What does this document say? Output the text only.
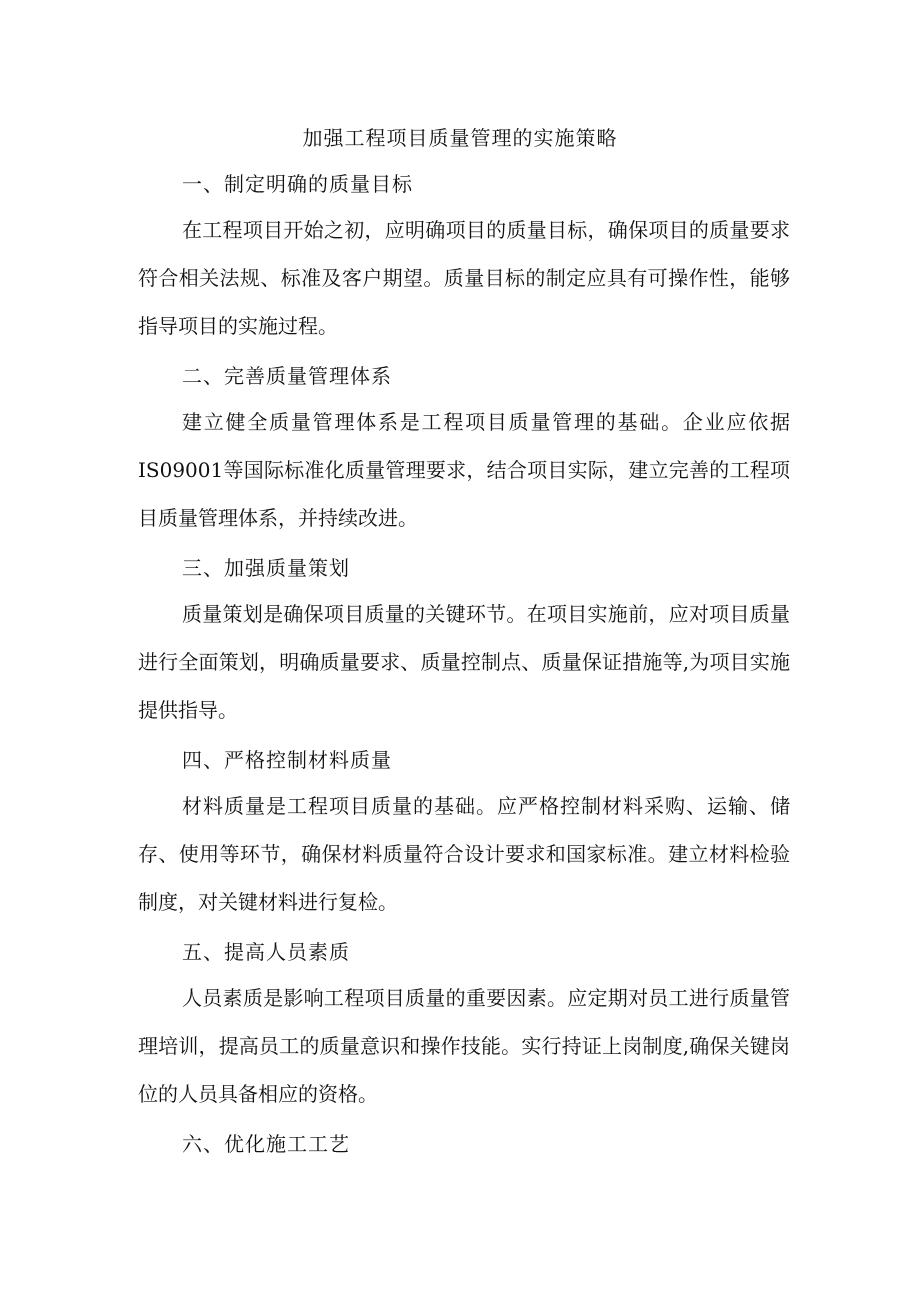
加强工程项目质量管理的实施策略
一、制定明确的质量目标

在工程项目开始之初，应明确项目的质量目标，确保项目的质量要求符合相关法规、标准及客户期望。质量目标的制定应具有可操作性，能够指导项目的实施过程。

二、完善质量管理体系

建立健全质量管理体系是工程项目质量管理的基础。企业应依据IS09001等国际标准化质量管理要求，结合项目实际，建立完善的工程项目质量管理体系，并持续改进。

三、加强质量策划

质量策划是确保项目质量的关键环节。在项目实施前，应对项目质量进行全面策划，明确质量要求、质量控制点、质量保证措施等,为项目实施提供指导。

四、严格控制材料质量

材料质量是工程项目质量的基础。应严格控制材料采购、运输、储存、使用等环节，确保材料质量符合设计要求和国家标准。建立材料检验制度，对关键材料进行复检。

五、提高人员素质

人员素质是影响工程项目质量的重要因素。应定期对员工进行质量管理培训，提高员工的质量意识和操作技能。实行持证上岗制度,确保关键岗位的人员具备相应的资格。

六、优化施工工艺
